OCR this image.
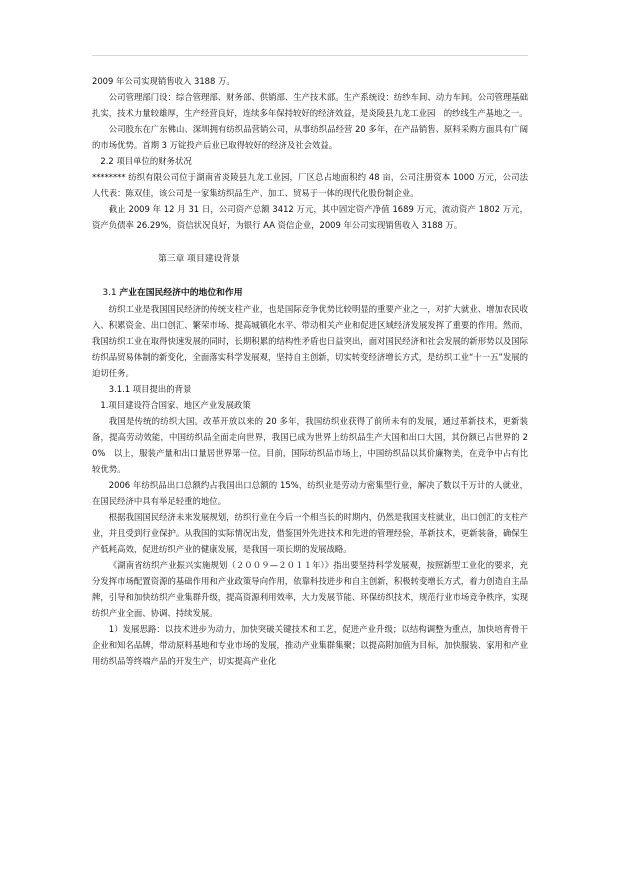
2009 年公司实现销售收入 3188 万。

公司管理部门设：综合管理部、财务部、供销部、生产技术部。生产系统设：纺纱车间、动力车间。公司管理基础扎实，技术力量较雄厚，生产经营良好，连续多年保持较好的经济效益，是炎陵县九龙工业园　的纱线生产基地之一。

公司股东在广东佛山、深圳拥有纺织品营销公司，从事纺织品经营 20 多年，在产品销售、原料采购方面具有广阔的市场优势。首期 3 万锭投产后业已取得较好的经济及社会效益。

2.2 项目单位的财务状况

******** 纺织有限公司位于湖南省炎陵县九龙工业园，厂区总占地面积约 48 亩，公司注册资本 1000 万元，公司法人代表：陈双佳，该公司是一家集纺织品生产、加工、贸易于一体的现代化股份制企业。

截止 2009 年 12 月 31 日，公司资产总额 3412 万元，其中固定资产净值 1689 万元，流动资产 1802 万元，资产负债率 26.29%，资信状况良好，为银行 AA 资信企业，2009 年公司实现销售收入 3188 万。

第三章 项目建设背景

3.1 产业在国民经济中的地位和作用

纺织工业是我国国民经济的传统支柱产业，也是国际竞争优势比较明显的重要产业之一，对扩大就业、增加农民收入、积累资金、出口创汇、繁荣市场、提高城镇化水平、带动相关产业和促进区域经济发展发挥了重要的作用。然而，我国纺织工业在取得快速发展的同时，长期积累的结构性矛盾也日益突出，面对国民经济和社会发展的新形势以及国际纺织品贸易体制的新变化，全面落实科学发展观，坚持自主创新，切实转变经济增长方式，是纺织工业“十一五”发展的迫切任务。

3.1.1 项目提出的背景

1.项目建设符合国家、地区产业发展政策

我国是传统的纺织大国。改革开放以来的 20 多年，我国纺织业获得了前所未有的发展，通过革新技术，更新装备，提高劳动效能，中国纺织品全面走向世界，我国已成为世界上纺织品生产大国和出口大国，其份额已占世界的 20%　以上，服装产量和出口量居世界第一位。目前，国际纺织品市场上，中国纺织品以其价廉物美，在竞争中占有比较优势。

2006 年纺织品出口总额约占我国出口总额的 15%，纺织业是劳动力密集型行业，解决了数以千万计的人就业，在国民经济中具有举足轻重的地位。

根据我国国民经济未来发展规划，纺织行业在今后一个相当长的时期内，仍然是我国支柱就业，出口创汇的支柱产业，并且受到行业保护。从我国的实际情况出发，借鉴国外先进技术和先进的管理经验，革新技术，更新装备，确保生产低耗高效，促进纺织产业的健康发展，是我国一项长期的发展战略。

《湖南省纺织产业振兴实施规划（２００９—２０１１年）》指出要坚持科学发展观，按照新型工业化的要求，充分发挥市场配置资源的基础作用和产业政策导向作用，依靠科技进步和自主创新，积极转变增长方式，着力创造自主品牌，引导和加快纺织产业集群升级，提高资源利用效率，大力发展节能、环保纺织技术，规范行业市场竞争秩序，实现纺织产业全面、协调、持续发展。

1）发展思路：以技术进步为动力，加快突破关键技术和工艺，促进产业升级；以结构调整为重点，加快培育骨干企业和知名品牌，带动原料基地和专业市场的发展，推动产业集群集聚；以提高附加值为目标，加快服装、家用和产业用纺织品等终端产品的开发生产，切实提高产业化
